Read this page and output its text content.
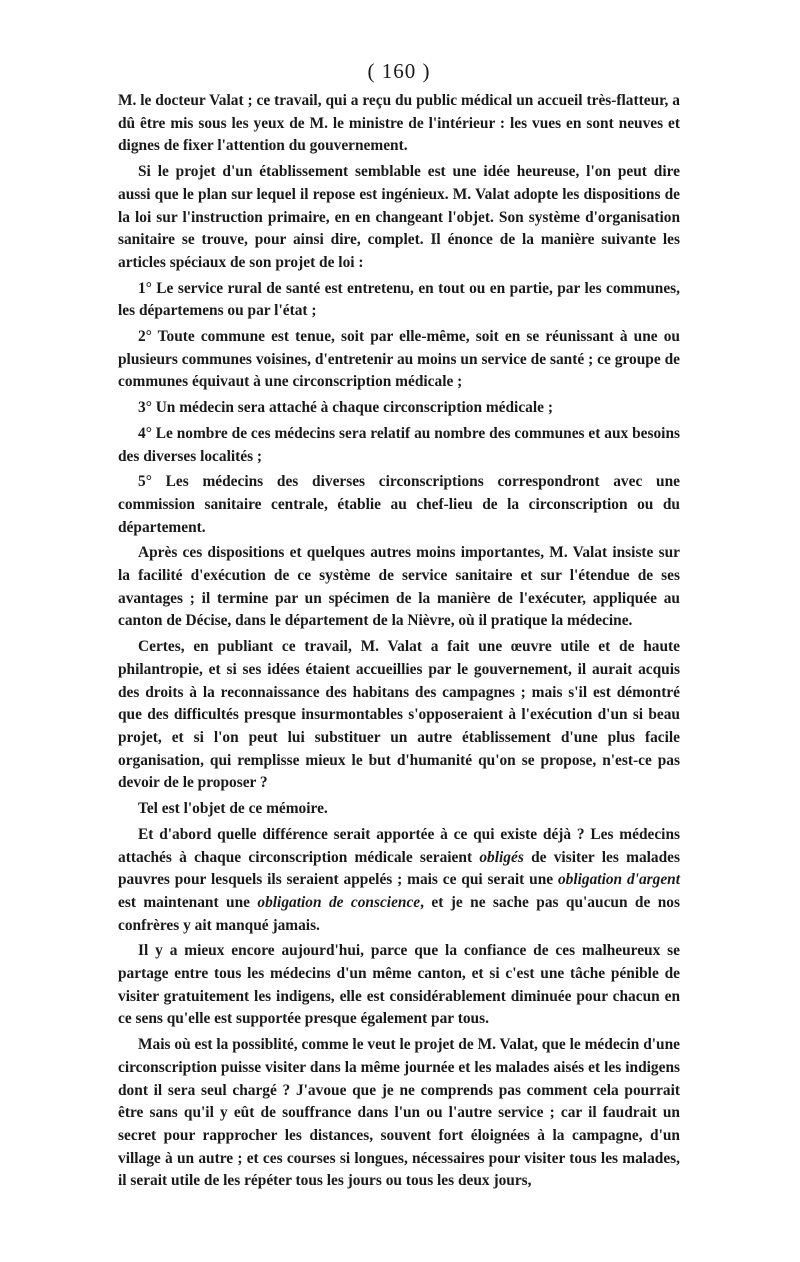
( 160 )

M. le docteur Valat ; ce travail, qui a reçu du public médical un accueil très-flatteur, a dû être mis sous les yeux de M. le ministre de l'intérieur : les vues en sont neuves et dignes de fixer l'attention du gouvernement.

Si le projet d'un établissement semblable est une idée heureuse, l'on peut dire aussi que le plan sur lequel il repose est ingénieux. M. Valat adopte les dispositions de la loi sur l'instruction primaire, en en changeant l'objet. Son système d'organisation sanitaire se trouve, pour ainsi dire, complet. Il énonce de la manière suivante les articles spéciaux de son projet de loi :

1° Le service rural de santé est entretenu, en tout ou en partie, par les communes, les départemens ou par l'état ;

2° Toute commune est tenue, soit par elle-même, soit en se réunissant à une ou plusieurs communes voisines, d'entretenir au moins un service de santé ; ce groupe de communes équivaut à une circonscription médicale ;

3° Un médecin sera attaché à chaque circonscription médicale ;

4° Le nombre de ces médecins sera relatif au nombre des communes et aux besoins des diverses localités ;

5° Les médecins des diverses circonscriptions correspondront avec une commission sanitaire centrale, établie au chef-lieu de la circonscription ou du département.

Après ces dispositions et quelques autres moins importantes, M. Valat insiste sur la facilité d'exécution de ce système de service sanitaire et sur l'étendue de ses avantages ; il termine par un spécimen de la manière de l'exécuter, appliquée au canton de Décise, dans le département de la Nièvre, où il pratique la médecine.

Certes, en publiant ce travail, M. Valat a fait une œuvre utile et de haute philantropie, et si ses idées étaient accueillies par le gouvernement, il aurait acquis des droits à la reconnaissance des habitans des campagnes ; mais s'il est démontré que des difficultés presque insurmontables s'opposeraient à l'exécution d'un si beau projet, et si l'on peut lui substituer un autre établissement d'une plus facile organisation, qui remplisse mieux le but d'humanité qu'on se propose, n'est-ce pas devoir de le proposer ?

Tel est l'objet de ce mémoire.

Et d'abord quelle différence serait apportée à ce qui existe déjà ? Les médecins attachés à chaque circonscription médicale seraient obligés de visiter les malades pauvres pour lesquels ils seraient appelés ; mais ce qui serait une obligation d'argent est maintenant une obligation de conscience, et je ne sache pas qu'aucun de nos confrères y ait manqué jamais.

Il y a mieux encore aujourd'hui, parce que la confiance de ces malheureux se partage entre tous les médecins d'un même canton, et si c'est une tâche pénible de visiter gratuitement les indigens, elle est considérablement diminuée pour chacun en ce sens qu'elle est supportée presque également par tous.

Mais où est la possiblité, comme le veut le projet de M. Valat, que le médecin d'une circonscription puisse visiter dans la même journée et les malades aisés et les indigens dont il sera seul chargé ? J'avoue que je ne comprends pas comment cela pourrait être sans qu'il y eût de souffrance dans l'un ou l'autre service ; car il faudrait un secret pour rapprocher les distances, souvent fort éloignées à la campagne, d'un village à un autre ; et ces courses si longues, nécessaires pour visiter tous les malades, il serait utile de les répéter tous les jours ou tous les deux jours,
